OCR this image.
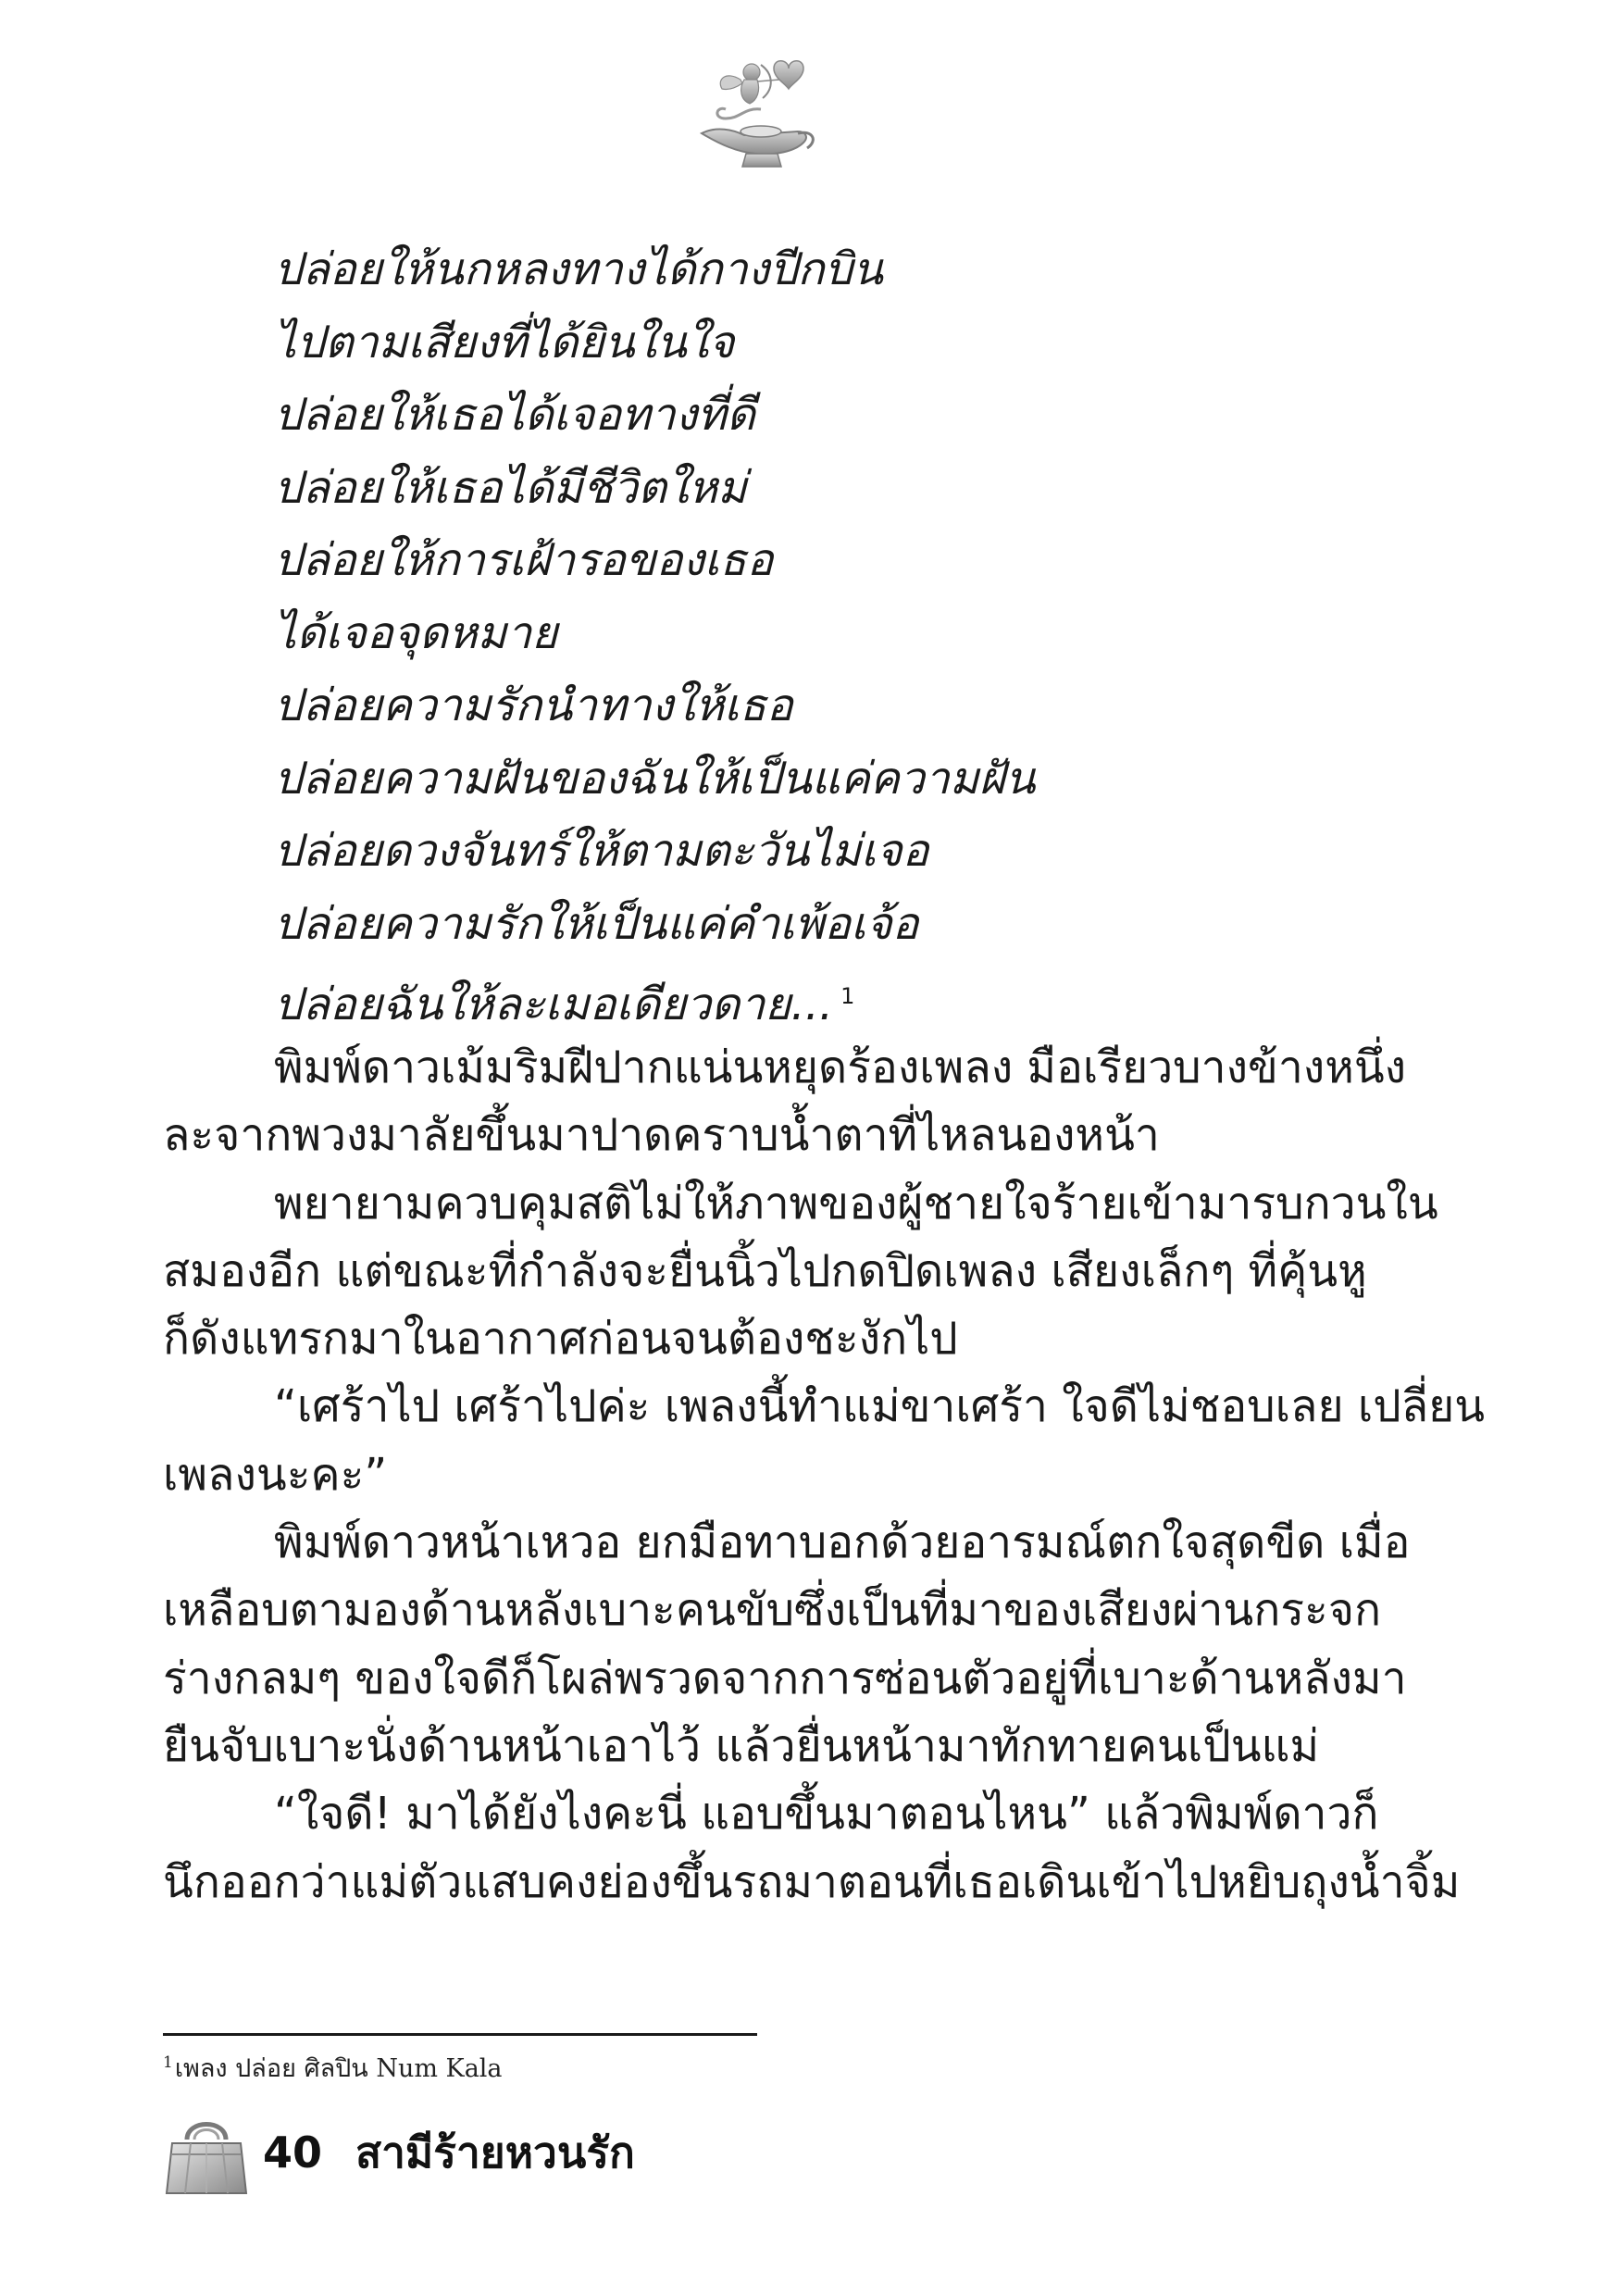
ปล่อยให้นกหลงทางได้กางปีกบิน
ไปตามเสียงที่ได้ยินในใจ
ปล่อยให้เธอได้เจอทางที่ดี
ปล่อยให้เธอได้มีชีวิตใหม่
ปล่อยให้การเฝ้ารอของเธอ
ได้เจอจุดหมาย
ปล่อยความรักนำทางให้เธอ
ปล่อยความฝันของฉันให้เป็นแค่ความฝัน
ปล่อยดวงจันทร์ให้ตามตะวันไม่เจอ
ปล่อยความรักให้เป็นแค่คำเพ้อเจ้อ
ปล่อยฉันให้ละเมอเดียวดาย... $^1$

พิมพ์ดาวเม้มริมฝีปากแน่นหยุดร้องเพลง มือเรียวบางข้างหนึ่ง
ละจากพวงมาลัยขึ้นมาปาดคราบน้ำตาที่ไหลนองหน้า

พยายามควบคุมสติไม่ให้ภาพของผู้ชายใจร้ายเข้ามารบกวนใน
สมองอีก แต่ขณะที่กำลังจะยื่นนิ้วไปกดปิดเพลง เสียงเล็กๆ ที่คุ้นหู
ก็ดังแทรกมาในอากาศก่อนจนต้องชะงักไป

“เศร้าไป เศร้าไปค่ะ เพลงนี้ทำแม่ขาเศร้า ใจดีไม่ชอบเลย เปลี่ยน
เพลงนะคะ”

พิมพ์ดาวหน้าเหวอ ยกมือทาบอกด้วยอารมณ์ตกใจสุดขีด เมื่อ
เหลือบตามองด้านหลังเบาะคนขับซึ่งเป็นที่มาของเสียงผ่านกระจก
ร่างกลมๆ ของใจดีก็โผล่พรวดจากการซ่อนตัวอยู่ที่เบาะด้านหลังมา
ยืนจับเบาะนั่งด้านหน้าเอาไว้ แล้วยื่นหน้ามาทักทายคนเป็นแม่

“ใจดี! มาได้ยังไงคะนี่ แอบขึ้นมาตอนไหน” แล้วพิมพ์ดาวก็
นึกออกว่าแม่ตัวแสบคงย่องขึ้นรถมาตอนที่เธอเดินเข้าไปหยิบถุงน้ำจิ้ม

$^1$เพลง ปล่อย ศิลปิน Num Kala
40 สามีร้ายหวนรัก
